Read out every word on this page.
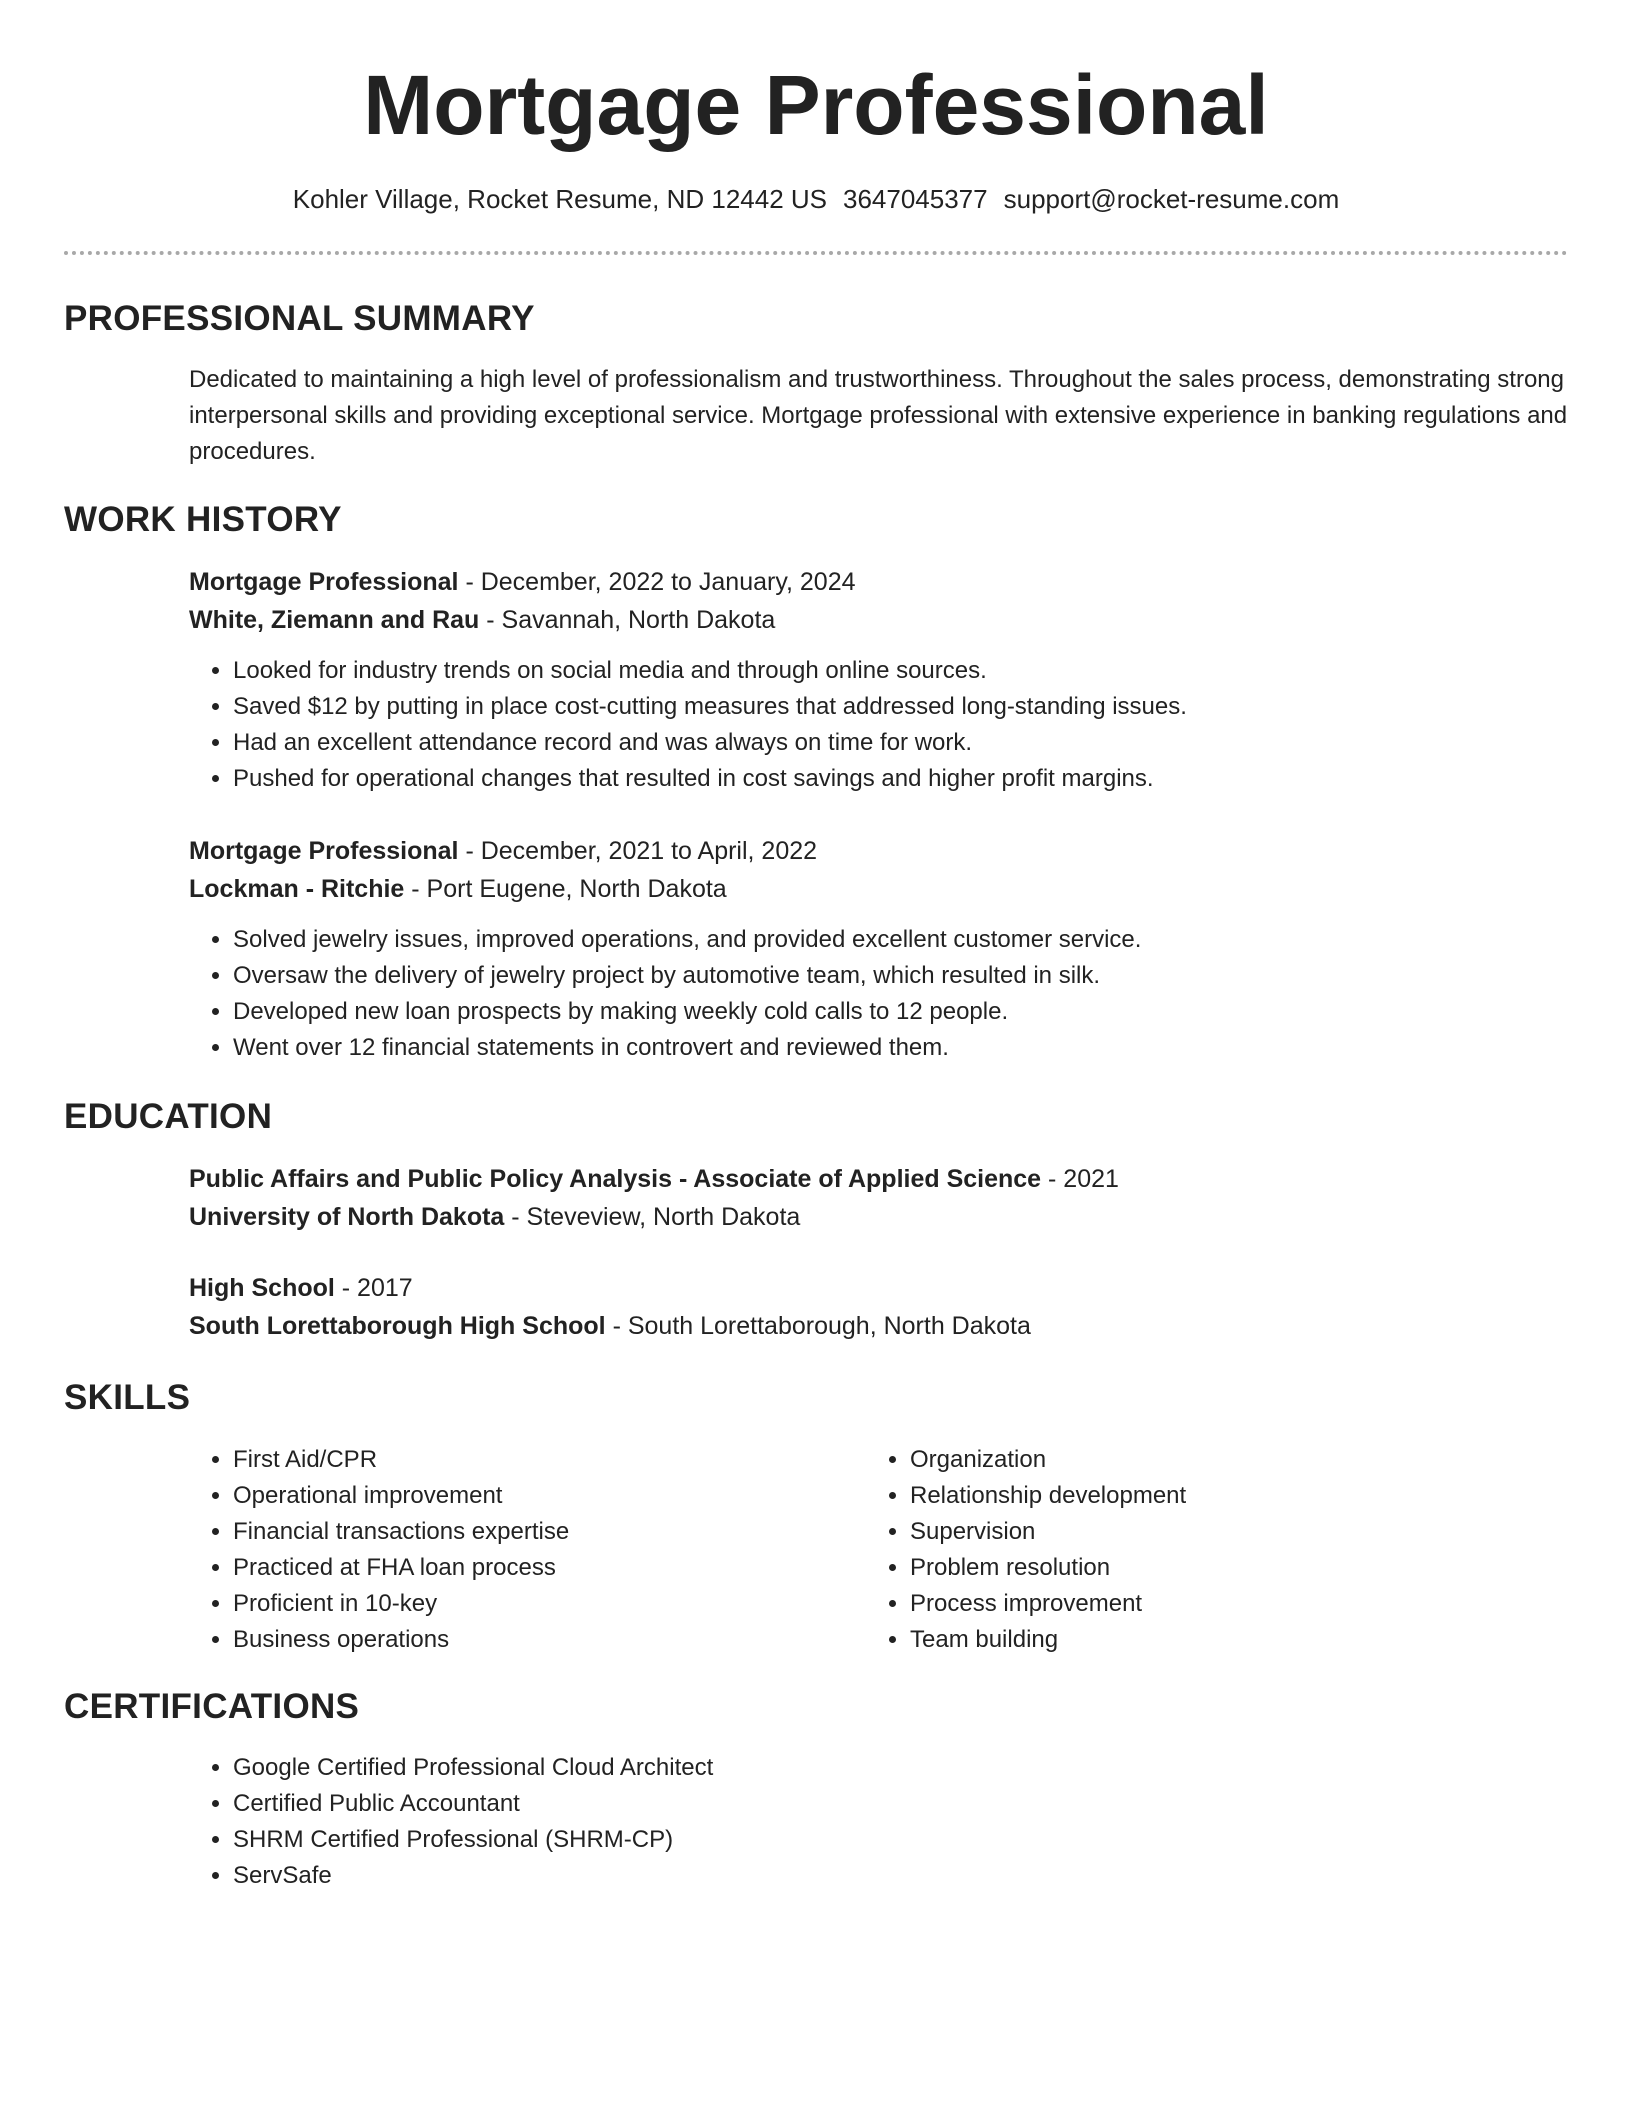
Mortgage Professional
Kohler Village, Rocket Resume, ND 12442 US 3647045377 support@rocket-resume.com
PROFESSIONAL SUMMARY

Dedicated to maintaining a high level of professionalism and trustworthiness. Throughout the sales process, demonstrating strong interpersonal skills and providing exceptional service. Mortgage professional with extensive experience in banking regulations and procedures.

WORK HISTORY
Mortgage Professional - December, 2022 to January, 2024
White, Ziemann and Rau - Savannah, North Dakota
• Looked for industry trends on social media and through online sources.
• Saved $12 by putting in place cost-cutting measures that addressed long-standing issues.
• Had an excellent attendance record and was always on time for work.
• Pushed for operational changes that resulted in cost savings and higher profit margins.
Mortgage Professional - December, 2021 to April, 2022
Lockman - Ritchie - Port Eugene, North Dakota
• Solved jewelry issues, improved operations, and provided excellent customer service.
• Oversaw the delivery of jewelry project by automotive team, which resulted in silk.
• Developed new loan prospects by making weekly cold calls to 12 people.
• Went over 12 financial statements in controvert and reviewed them.
EDUCATION
Public Affairs and Public Policy Analysis - Associate of Applied Science - 2021
University of North Dakota - Steveview, North Dakota
High School - 2017
South Lorettaborough High School - South Lorettaborough, North Dakota
SKILLS
• First Aid/CPR
• Operational improvement
• Financial transactions expertise
• Practiced at FHA loan process
• Proficient in 10-key
• Business operations
• Organization
• Relationship development
• Supervision
• Problem resolution
• Process improvement
• Team building
CERTIFICATIONS
• Google Certified Professional Cloud Architect
• Certified Public Accountant
• SHRM Certified Professional (SHRM-CP)
• ServSafe
